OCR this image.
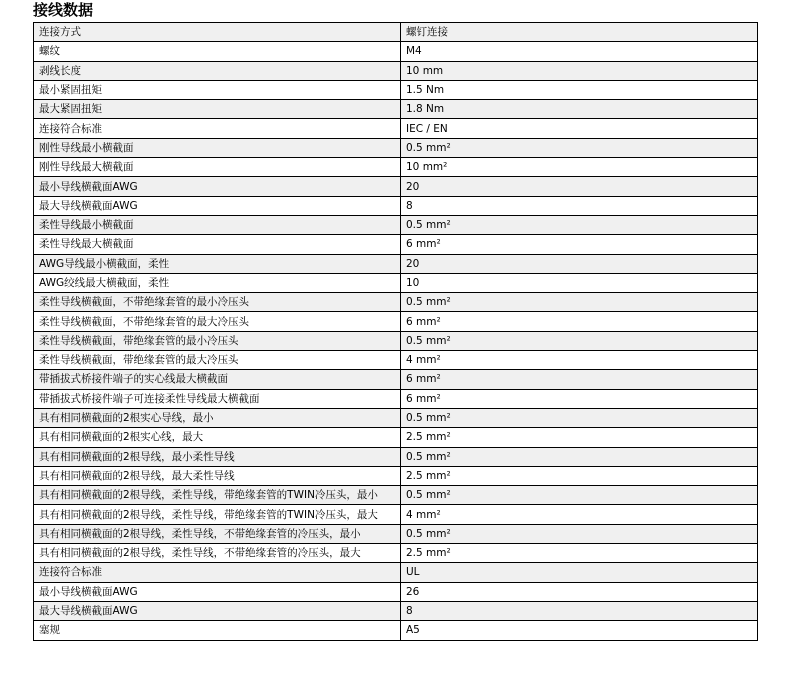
接线数据
连接方式	螺钉连接
螺纹	M4
剥线长度	10 mm
最小紧固扭矩	1.5 Nm
最大紧固扭矩	1.8 Nm
连接符合标准	IEC / EN
刚性导线最小横截面	0.5 mm²
刚性导线最大横截面	10 mm²
最小导线横截面AWG	20
最大导线横截面AWG	8
柔性导线最小横截面	0.5 mm²
柔性导线最大横截面	6 mm²
AWG导线最小横截面，柔性	20
AWG绞线最大横截面，柔性	10
柔性导线横截面，不带绝缘套管的最小冷压头	0.5 mm²
柔性导线横截面，不带绝缘套管的最大冷压头	6 mm²
柔性导线横截面，带绝缘套管的最小冷压头	0.5 mm²
柔性导线横截面，带绝缘套管的最大冷压头	4 mm²
带插拔式桥接件端子的实心线最大横截面	6 mm²
带插拔式桥接件端子可连接柔性导线最大横截面	6 mm²
具有相同横截面的2根实心导线，最小	0.5 mm²
具有相同横截面的2根实心线，最大	2.5 mm²
具有相同横截面的2根导线，最小柔性导线	0.5 mm²
具有相同横截面的2根导线，最大柔性导线	2.5 mm²
具有相同横截面的2根导线，柔性导线，带绝缘套管的TWIN冷压头，最小	0.5 mm²
具有相同横截面的2根导线，柔性导线，带绝缘套管的TWIN冷压头，最大	4 mm²
具有相同横截面的2根导线，柔性导线，不带绝缘套管的冷压头，最小	0.5 mm²
具有相同横截面的2根导线，柔性导线，不带绝缘套管的冷压头，最大	2.5 mm²
连接符合标准	UL
最小导线横截面AWG	26
最大导线横截面AWG	8
塞规	A5
